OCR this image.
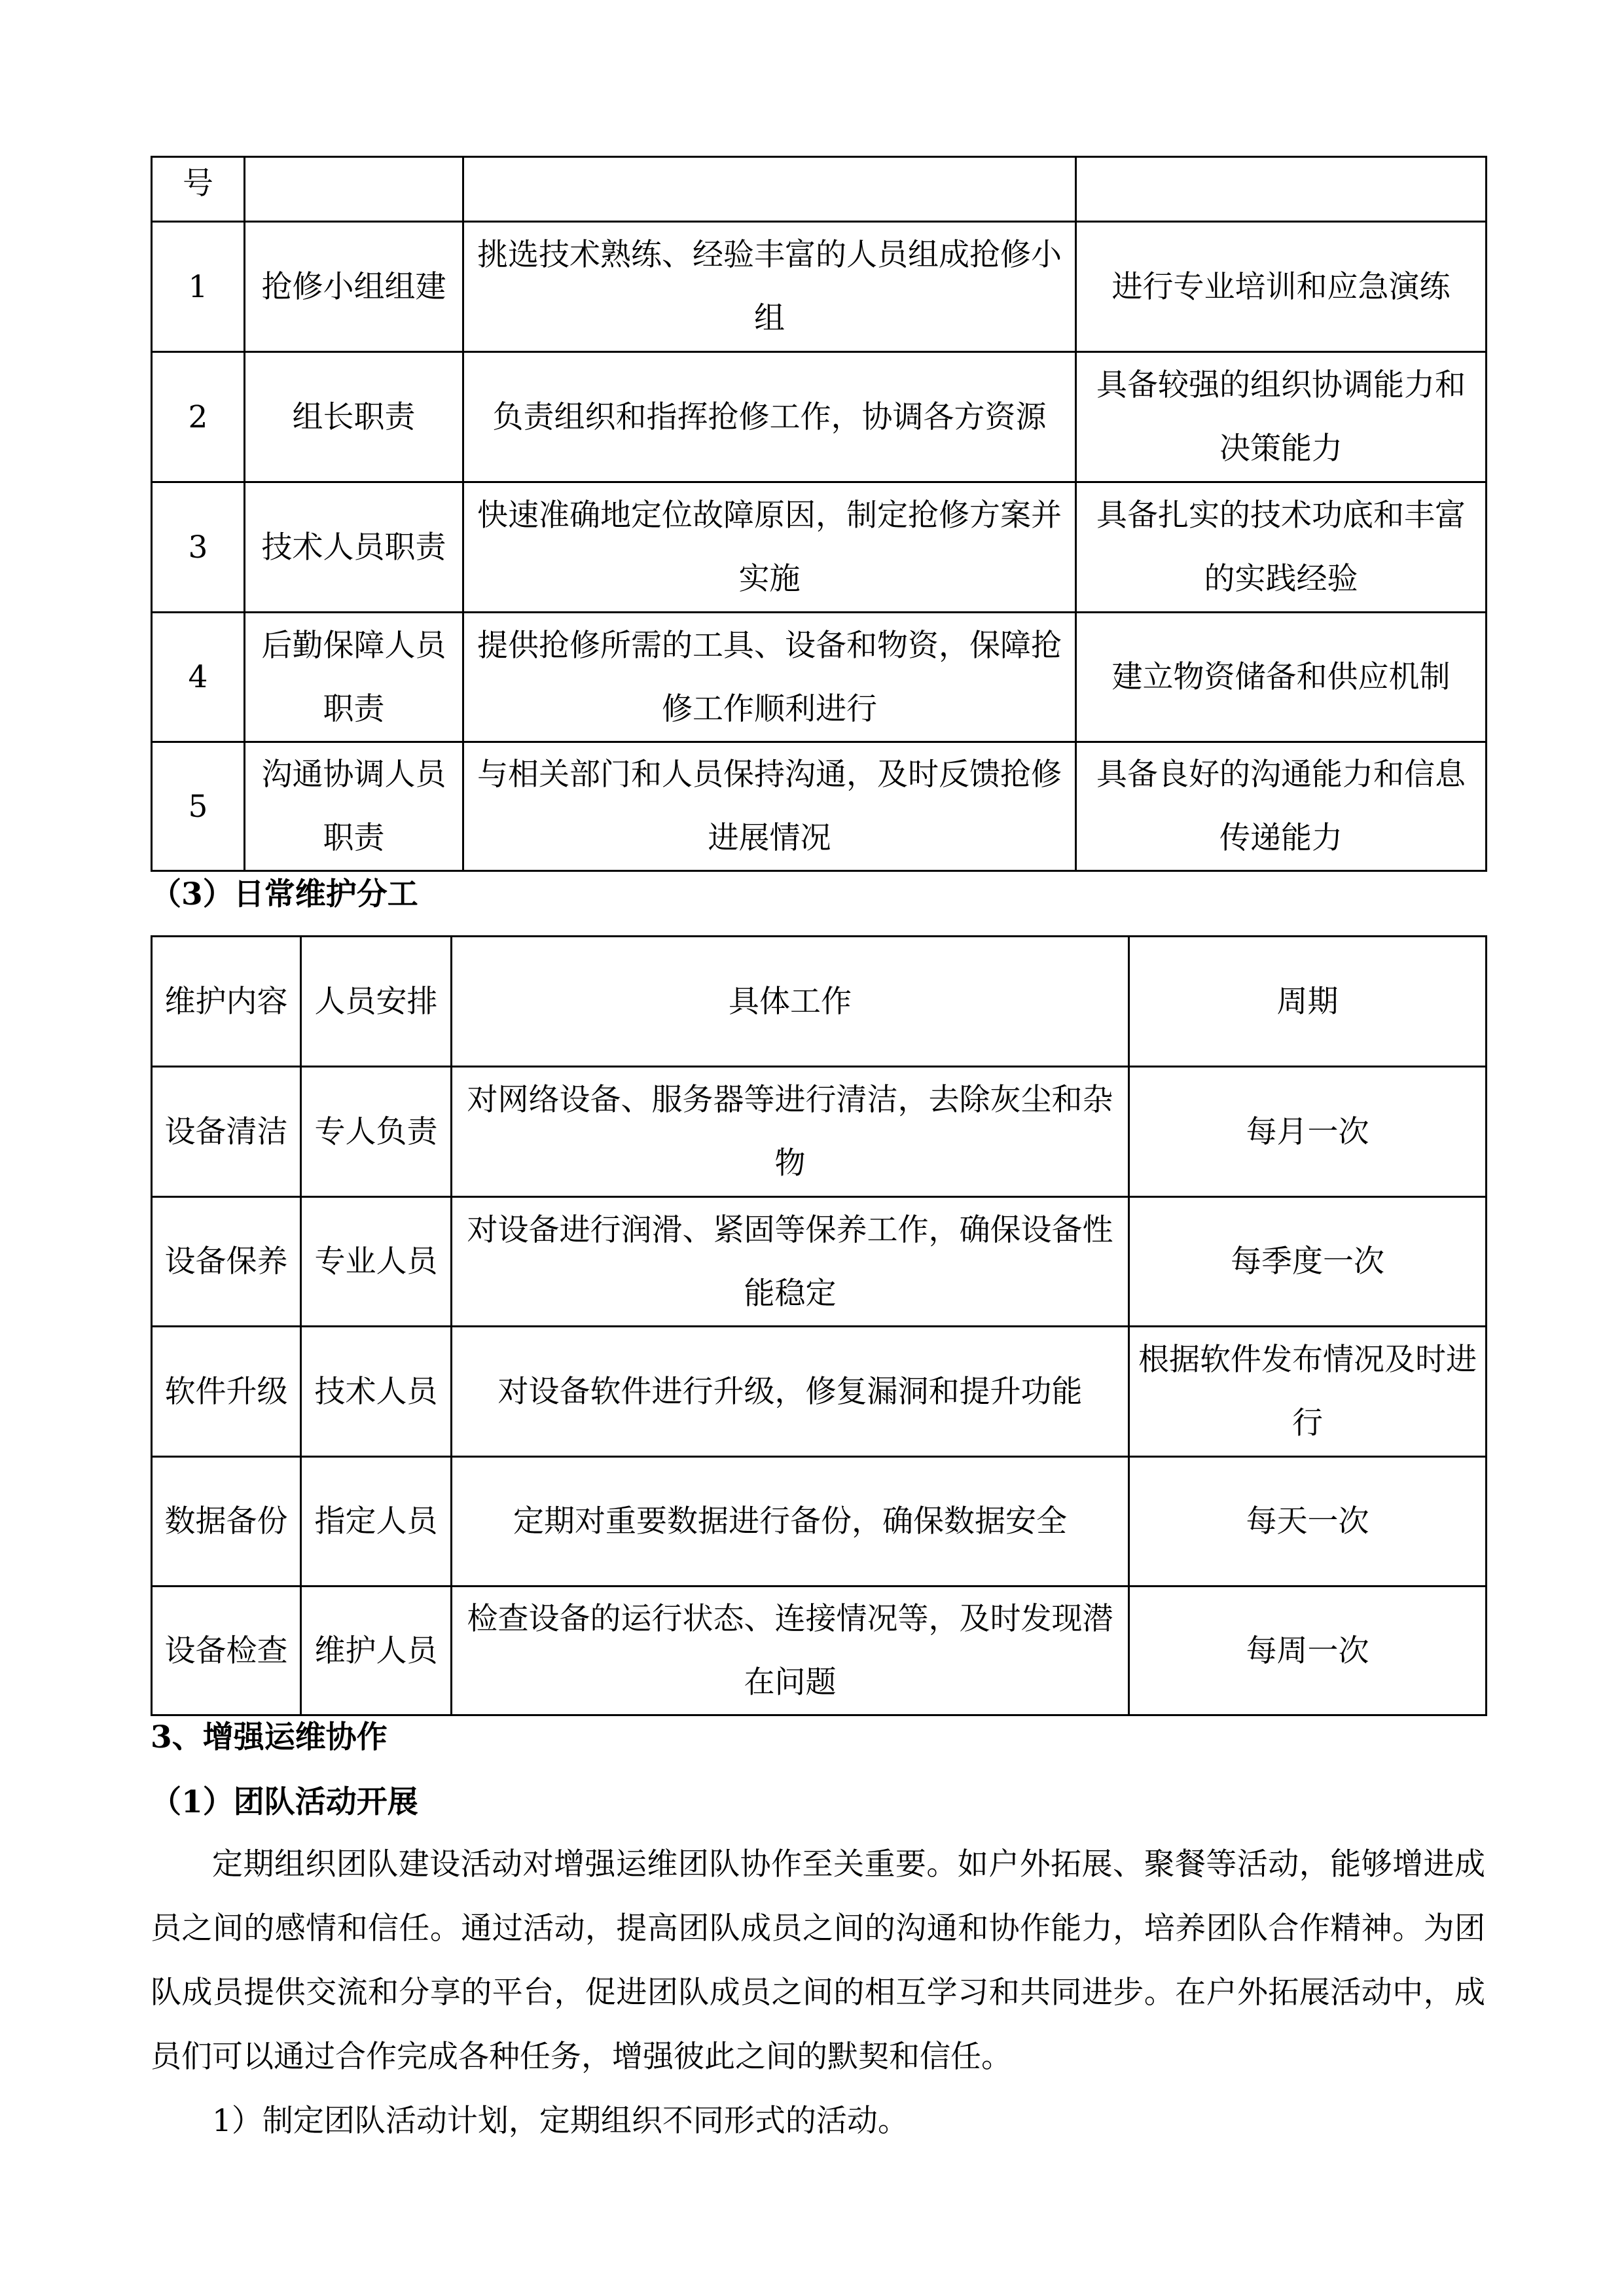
号			
1	抢修小组组建	挑选技术熟练、经验丰富的人员组成抢修小组	进行专业培训和应急演练
2	组长职责	负责组织和指挥抢修工作，协调各方资源	具备较强的组织协调能力和决策能力
3	技术人员职责	快速准确地定位故障原因，制定抢修方案并实施	具备扎实的技术功底和丰富的实践经验
4	后勤保障人员职责	提供抢修所需的工具、设备和物资，保障抢修工作顺利进行	建立物资储备和供应机制
5	沟通协调人员职责	与相关部门和人员保持沟通，及时反馈抢修进展情况	具备良好的沟通能力和信息传递能力
（3）日常维护分工
维护内容	人员安排	具体工作	周期
设备清洁	专人负责	对网络设备、服务器等进行清洁，去除灰尘和杂物	每月一次
设备保养	专业人员	对设备进行润滑、紧固等保养工作，确保设备性能稳定	每季度一次
软件升级	技术人员	对设备软件进行升级，修复漏洞和提升功能	根据软件发布情况及时进行
数据备份	指定人员	定期对重要数据进行备份，确保数据安全	每天一次
设备检查	维护人员	检查设备的运行状态、连接情况等，及时发现潜在问题	每周一次
3、增强运维协作
（1）团队活动开展
定期组织团队建设活动对增强运维团队协作至关重要。如户外拓展、聚餐等活动，能够增进成员之间的感情和信任。通过活动，提高团队成员之间的沟通和协作能力，培养团队合作精神。为团队成员提供交流和分享的平台，促进团队成员之间的相互学习和共同进步。在户外拓展活动中，成员们可以通过合作完成各种任务，增强彼此之间的默契和信任。
1）制定团队活动计划，定期组织不同形式的活动。
